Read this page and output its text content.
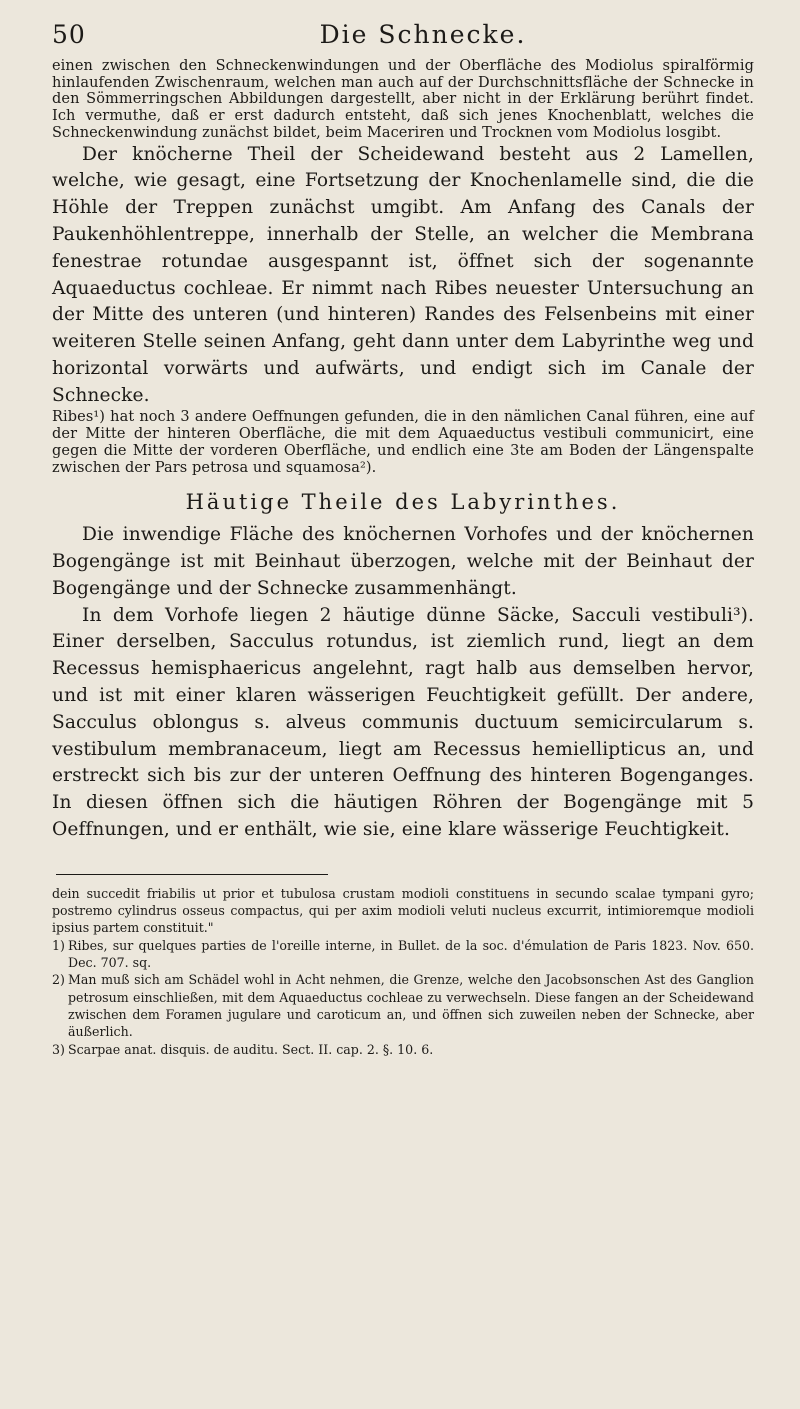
50	Die Schnecke.

einen zwischen den Schneckenwindungen und der Oberfläche des Modiolus spiralförmig hinlaufenden Zwischenraum, welchen man auch auf der Durchschnittsfläche der Schnecke in den Sömmerringschen Abbildungen dargestellt, aber nicht in der Erklärung berührt findet. Ich vermuthe, daß er erst dadurch entsteht, daß sich jenes Knochenblatt, welches die Schneckenwindung zunächst bildet, beim Maceriren und Trocknen vom Modiolus losgibt.

Der knöcherne Theil der Scheidewand besteht aus 2 Lamellen, welche, wie gesagt, eine Fortsetzung der Knochenlamelle sind, die die Höhle der Treppen zunächst umgibt. Am Anfang des Canals der Paukenhöhlentreppe, innerhalb der Stelle, an welcher die Membrana fenestrae rotundae ausgespannt ist, öffnet sich der sogenannte Aquaeductus cochleae. Er nimmt nach Ribes neuester Untersuchung an der Mitte des unteren (und hinteren) Randes des Felsenbeins mit einer weiteren Stelle seinen Anfang, geht dann unter dem Labyrinthe weg und horizontal vorwärts und aufwärts, und endigt sich im Canale der Schnecke.

Ribes¹) hat noch 3 andere Oeffnungen gefunden, die in den nämlichen Canal führen, eine auf der Mitte der hinteren Oberfläche, die mit dem Aquaeductus vestibuli communicirt, eine gegen die Mitte der vorderen Oberfläche, und endlich eine 3te am Boden der Längenspalte zwischen der Pars petrosa und squamosa²).

Häutige Theile des Labyrinthes.

Die inwendige Fläche des knöchernen Vorhofes und der knöchernen Bogengänge ist mit Beinhaut überzogen, welche mit der Beinhaut der Bogengänge und der Schnecke zusammenhängt.

In dem Vorhofe liegen 2 häutige dünne Säcke, Sacculi vestibuli³). Einer derselben, Sacculus rotundus, ist ziemlich rund, liegt an dem Recessus hemisphaericus angelehnt, ragt halb aus demselben hervor, und ist mit einer klaren wässerigen Feuchtigkeit gefüllt. Der andere, Sacculus oblongus s. alveus communis ductuum semicircularum s. vestibulum membranaceum, liegt am Recessus hemiellipticus an, und erstreckt sich bis zur der unteren Oeffnung des hinteren Bogenganges. In diesen öffnen sich die häutigen Röhren der Bogengänge mit 5 Oeffnungen, und er enthält, wie sie, eine klare wässerige Feuchtigkeit.

dein succedit friabilis ut prior et tubulosa crustam modioli constituens in secundo scalae tympani gyro; postremo cylindrus osseus compactus, qui per axim modioli veluti nucleus excurrit, intimioremque modioli ipsius partem constituit."

1) Ribes, sur quelques parties de l'oreille interne, in Bullet. de la soc. d'émulation de Paris 1823. Nov. 650. Dec. 707. sq.

2) Man muß sich am Schädel wohl in Acht nehmen, die Grenze, welche den Jacobsonschen Ast des Ganglion petrosum einschließen, mit dem Aquaeductus cochleae zu verwechseln. Diese fangen an der Scheidewand zwischen dem Foramen jugulare und caroticum an, und öffnen sich zuweilen neben der Schnecke, aber äußerlich.

3) Scarpae anat. disquis. de auditu. Sect. II. cap. 2. §. 10. 6.
